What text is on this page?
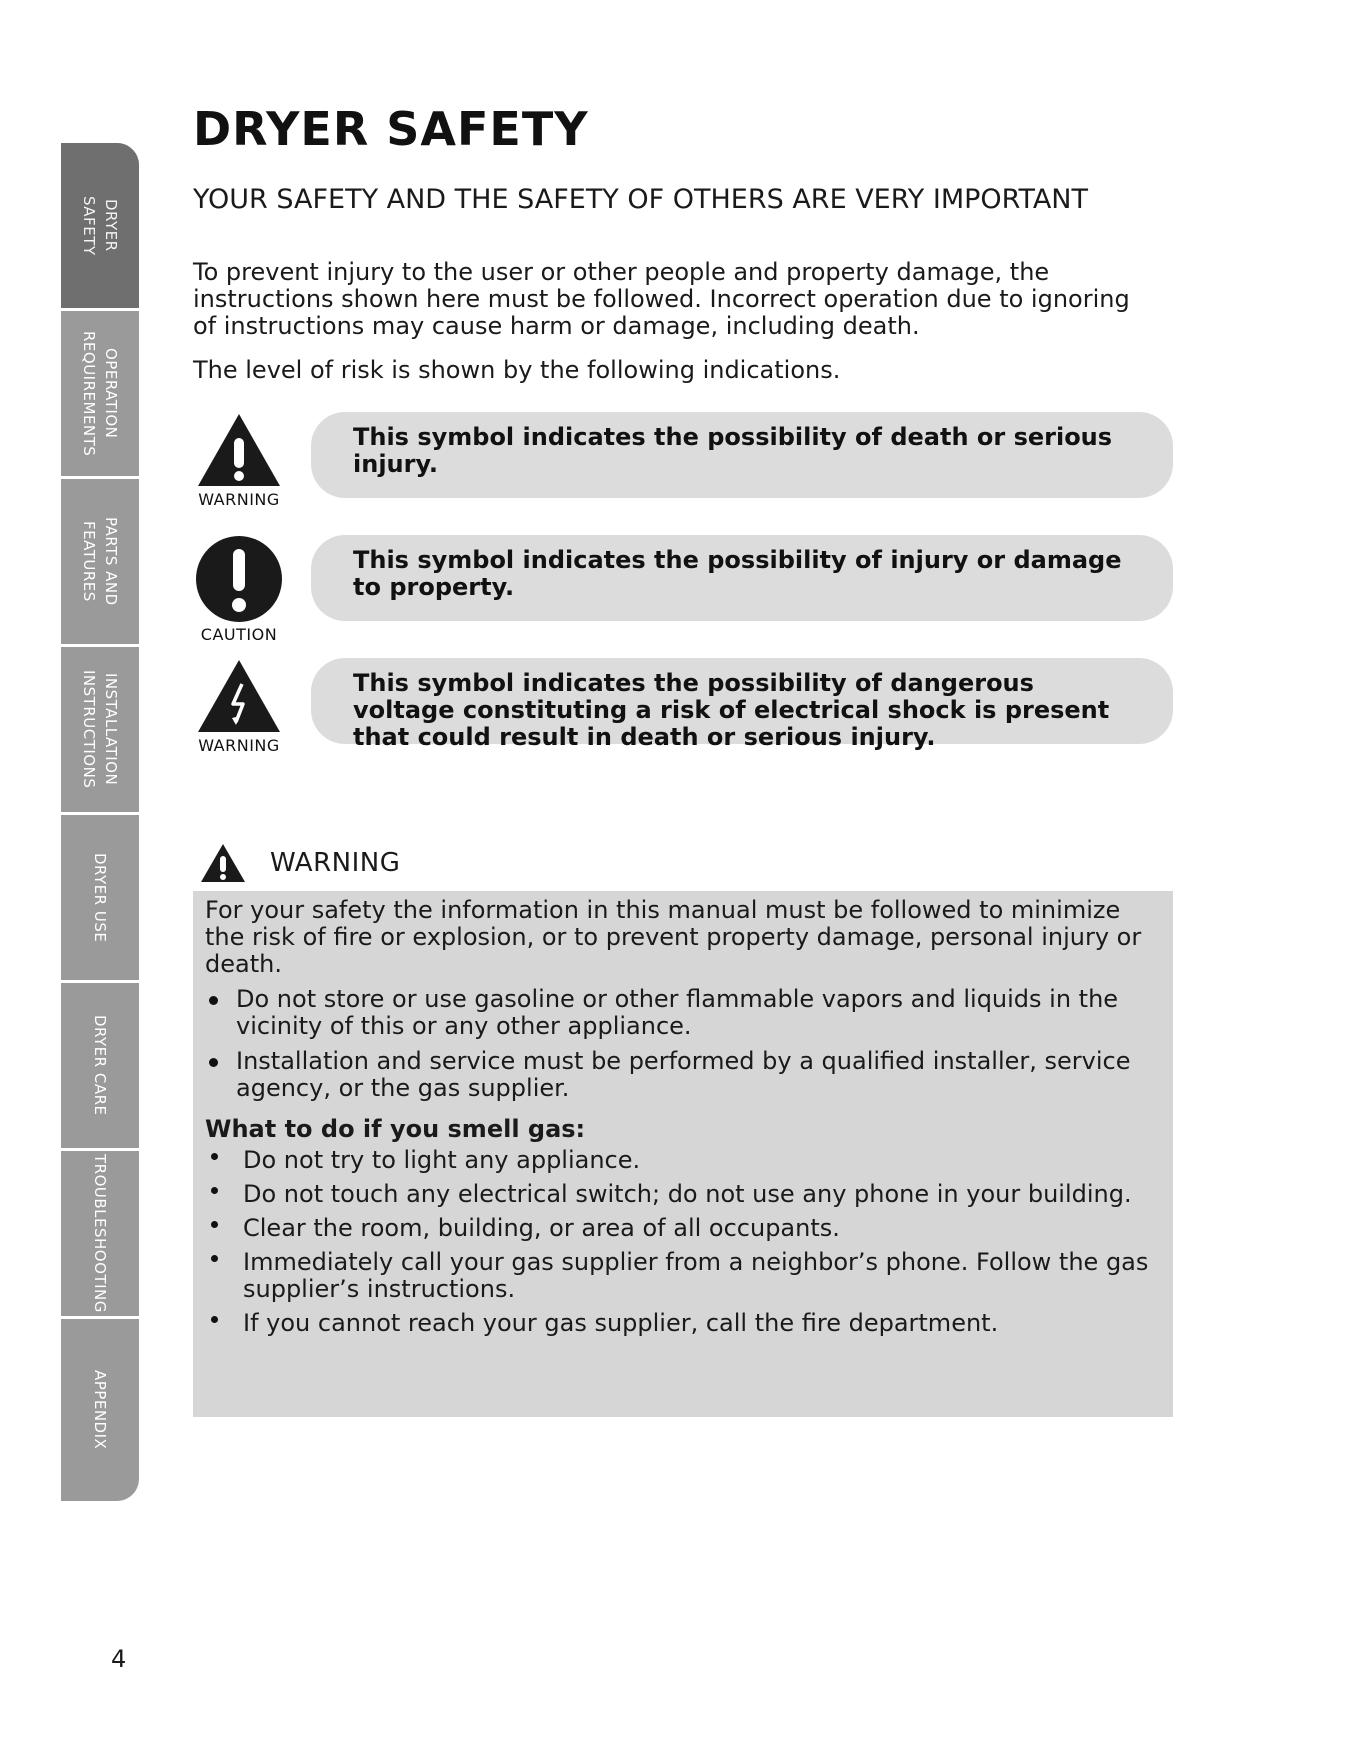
DRYER
SAFETY
OPERATION
REQUIREMENTS
PARTS AND
FEATURES
INSTALLATION
INSTRUCTIONS
DRYER USE
DRYER CARE
TROUBLESHOOTING
APPENDIX
DRYER SAFETY
YOUR SAFETY AND THE SAFETY OF OTHERS ARE VERY IMPORTANT

To prevent injury to the user or other people and property damage, the instructions shown here must be followed. Incorrect operation due to ignoring of instructions may cause harm or damage, including death.

The level of risk is shown by the following indications.

WARNING
This symbol indicates the possibility of death or serious injury.
CAUTION
This symbol indicates the possibility of injury or damage to property.
WARNING
This symbol indicates the possibility of dangerous voltage constituting a risk of electrical shock is present that could result in death or serious injury.
WARNING

For your safety the information in this manual must be followed to minimize the risk of fire or explosion, or to prevent property damage, personal injury or death.

Do not store or use gasoline or other flammable vapors and liquids in the vicinity of this or any other appliance.
Installation and service must be performed by a qualified installer, service agency, or the gas supplier.

What to do if you smell gas:

Do not try to light any appliance.
Do not touch any electrical switch; do not use any phone in your building.
Clear the room, building, or area of all occupants.
Immediately call your gas supplier from a neighbor’s phone. Follow the gas supplier’s instructions.
If you cannot reach your gas supplier, call the fire department.

4
